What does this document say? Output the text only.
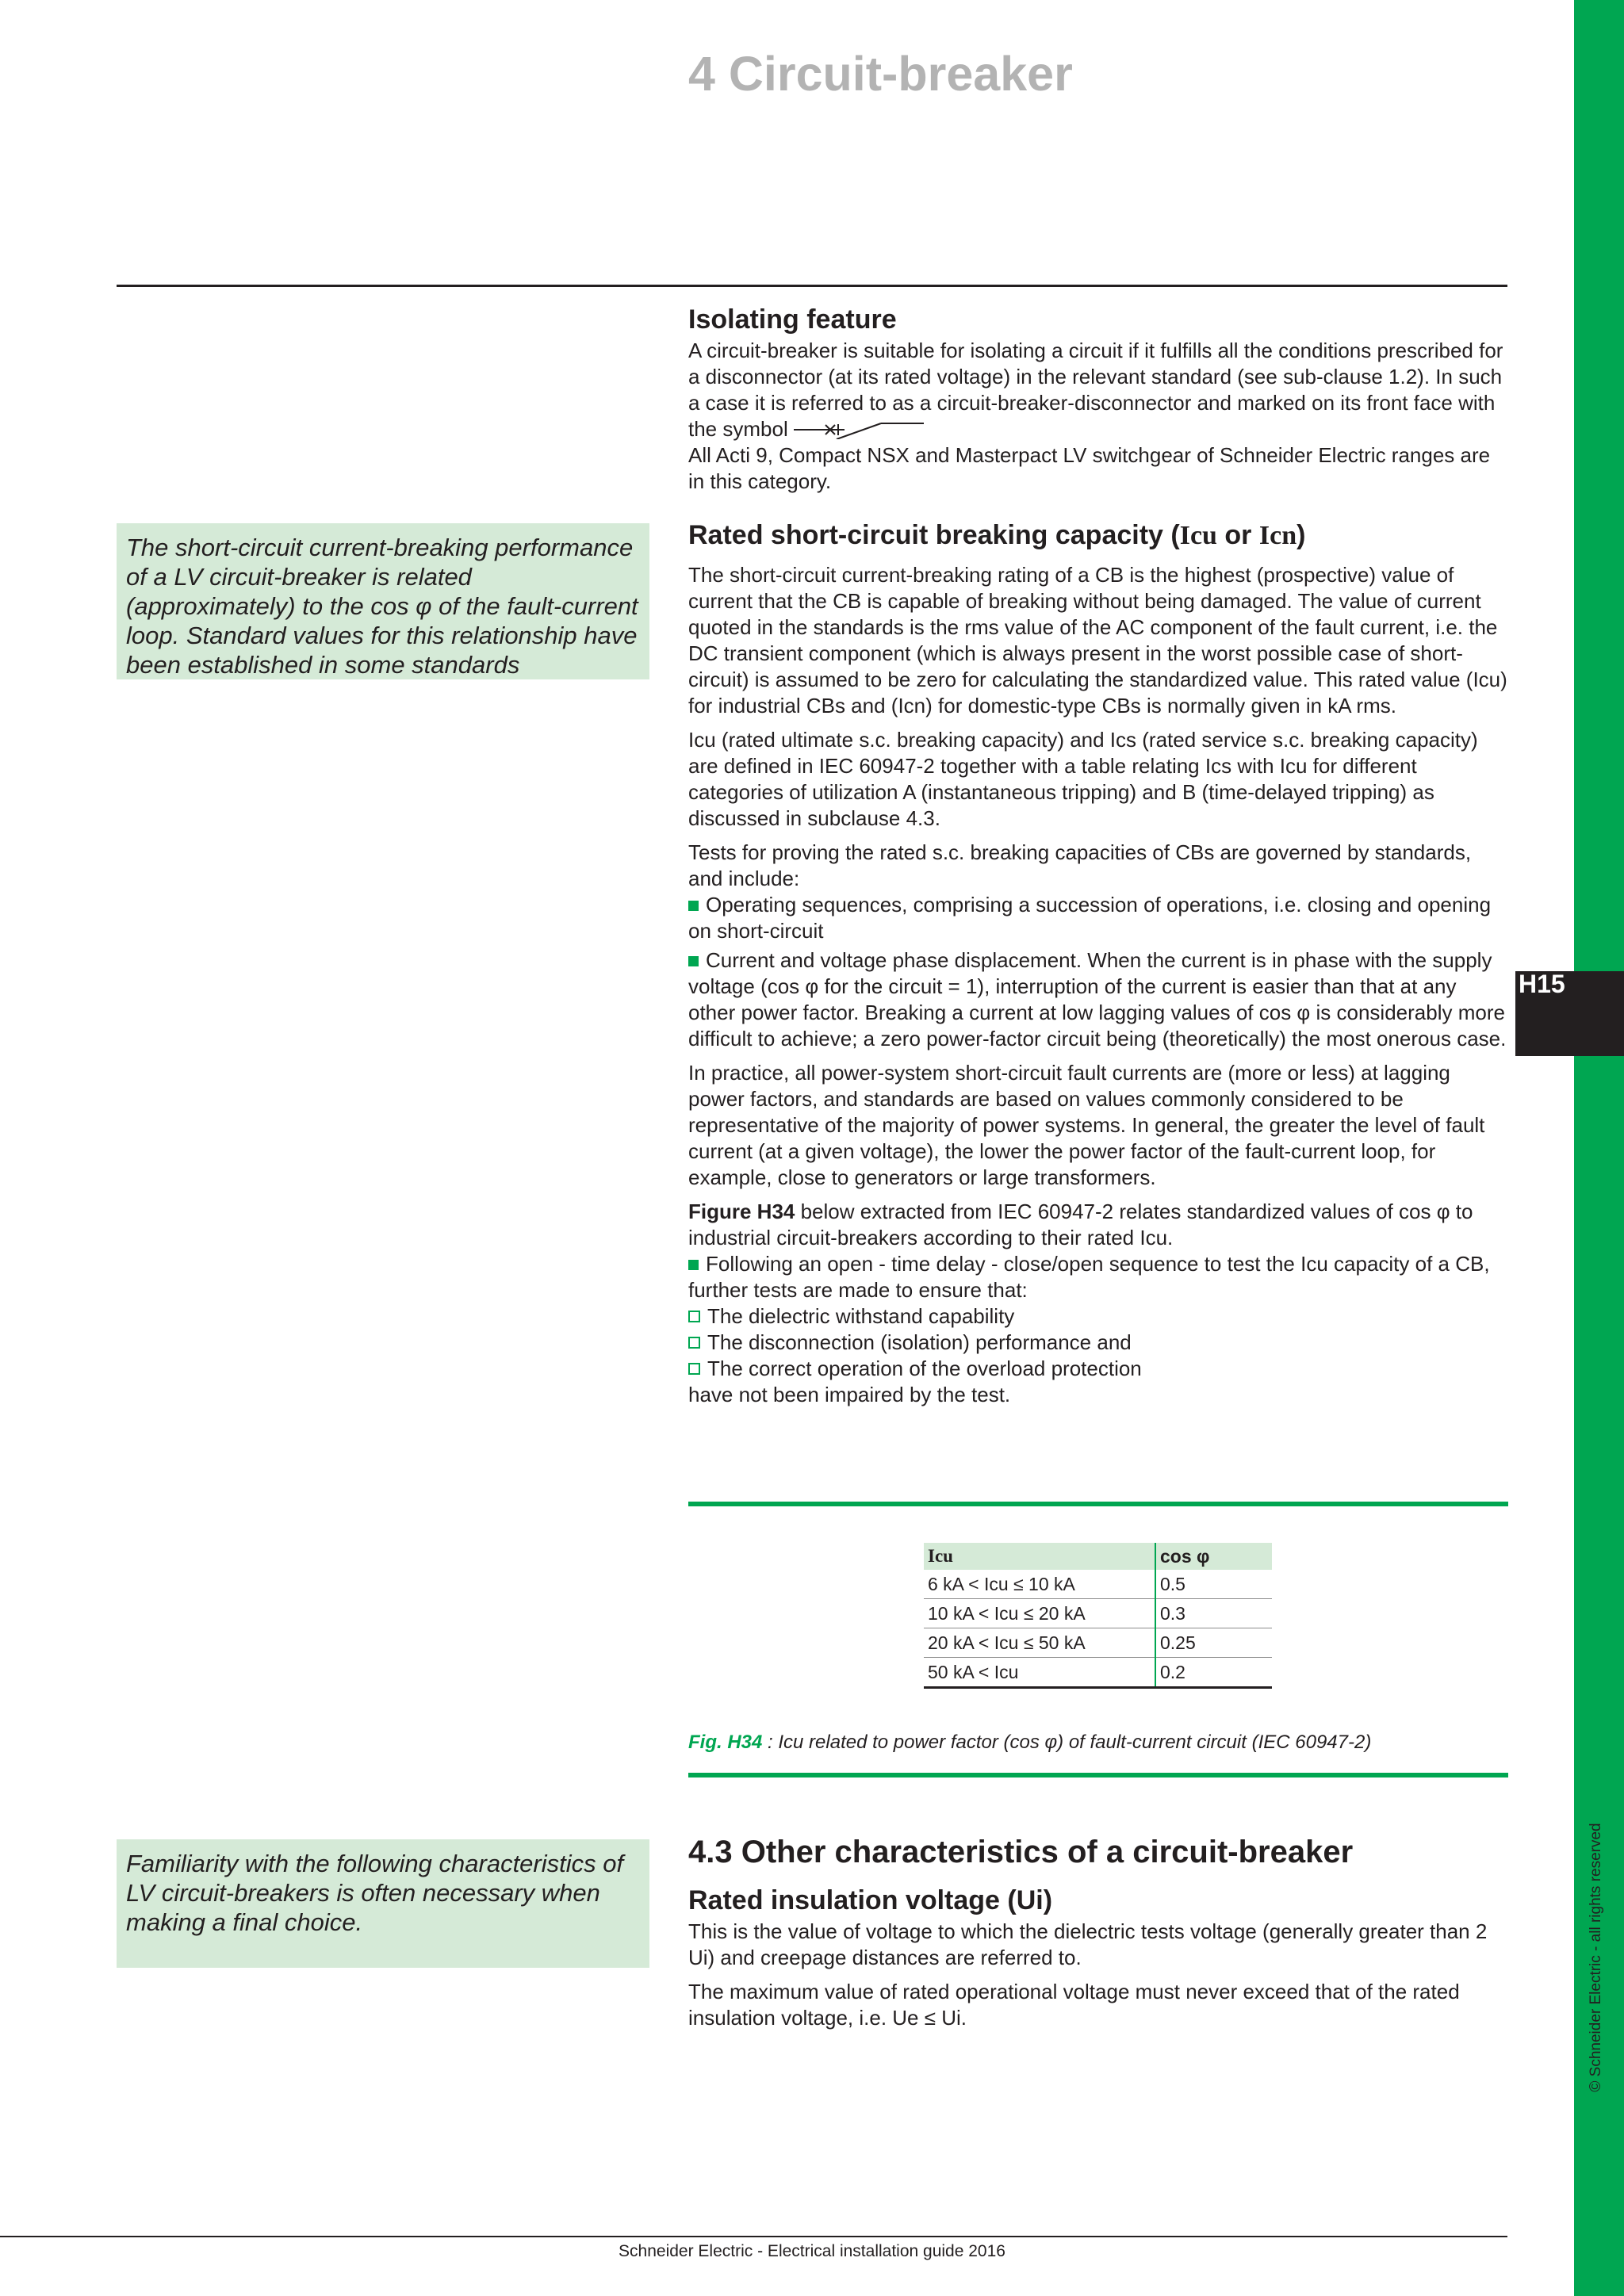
4 Circuit-breaker
H15
© Schneider Electric - all rights reserved
The short-circuit current-breaking performance of a LV circuit-breaker is related (approximately) to the cos φ of the fault-current loop. Standard values for this relationship have been established in some standards
Familiarity with the following characteristics of LV circuit-breakers is often necessary when making a final choice.
Isolating feature

A circuit-breaker is suitable for isolating a circuit if it fulfills all the conditions prescribed for a disconnector (at its rated voltage) in the relevant standard (see sub-clause 1.2). In such a case it is referred to as a circuit-breaker-disconnector and marked on its front face with the symbol

All Acti 9, Compact NSX and Masterpact LV switchgear of Schneider Electric ranges are in this category.

Rated short-circuit breaking capacity (Icu or Icn)

The short-circuit current-breaking rating of a CB is the highest (prospective) value of current that the CB is capable of breaking without being damaged. The value of current quoted in the standards is the rms value of the AC component of the fault current, i.e. the DC transient component (which is always present in the worst possible case of short-circuit) is assumed to be zero for calculating the standardized value. This rated value (Icu) for industrial CBs and (Icn) for domestic-type CBs is normally given in kA rms.

Icu (rated ultimate s.c. breaking capacity) and Ics (rated service s.c. breaking capacity) are defined in IEC 60947-2 together with a table relating Ics with Icu for different categories of utilization A (instantaneous tripping) and B (time-delayed tripping) as discussed in subclause 4.3.

Tests for proving the rated s.c. breaking capacities of CBs are governed by standards, and include:

Operating sequences, comprising a succession of operations, i.e. closing and opening on short-circuit

Current and voltage phase displacement. When the current is in phase with the supply voltage (cos φ for the circuit = 1), interruption of the current is easier than that at any other power factor. Breaking a current at low lagging values of cos φ is considerably more difficult to achieve; a zero power-factor circuit being (theoretically) the most onerous case.

In practice, all power-system short-circuit fault currents are (more or less) at lagging power factors, and standards are based on values commonly considered to be representative of the majority of power systems. In general, the greater the level of fault current (at a given voltage), the lower the power factor of the fault-current loop, for example, close to generators or large transformers.

Figure H34 below extracted from IEC 60947-2 relates standardized values of cos φ to industrial circuit-breakers according to their rated Icu.

Following an open - time delay - close/open sequence to test the Icu capacity of a CB, further tests are made to ensure that:

The dielectric withstand capability

The disconnection (isolation) performance and

The correct operation of the overload protection

have not been impaired by the test.

Icu	cos φ
6 kA < Icu ≤ 10 kA	0.5
10 kA < Icu ≤ 20 kA	0.3
20 kA < Icu ≤ 50 kA	0.25
50 kA < Icu	0.2
Fig. H34 : Icu related to power factor (cos φ) of fault-current circuit (IEC 60947-2)
4.3 Other characteristics of a circuit-breaker
Rated insulation voltage (Ui)

This is the value of voltage to which the dielectric tests voltage (generally greater than 2 Ui) and creepage distances are referred to.

The maximum value of rated operational voltage must never exceed that of the rated insulation voltage, i.e. Ue ≤ Ui.

Schneider Electric - Electrical installation guide 2016
